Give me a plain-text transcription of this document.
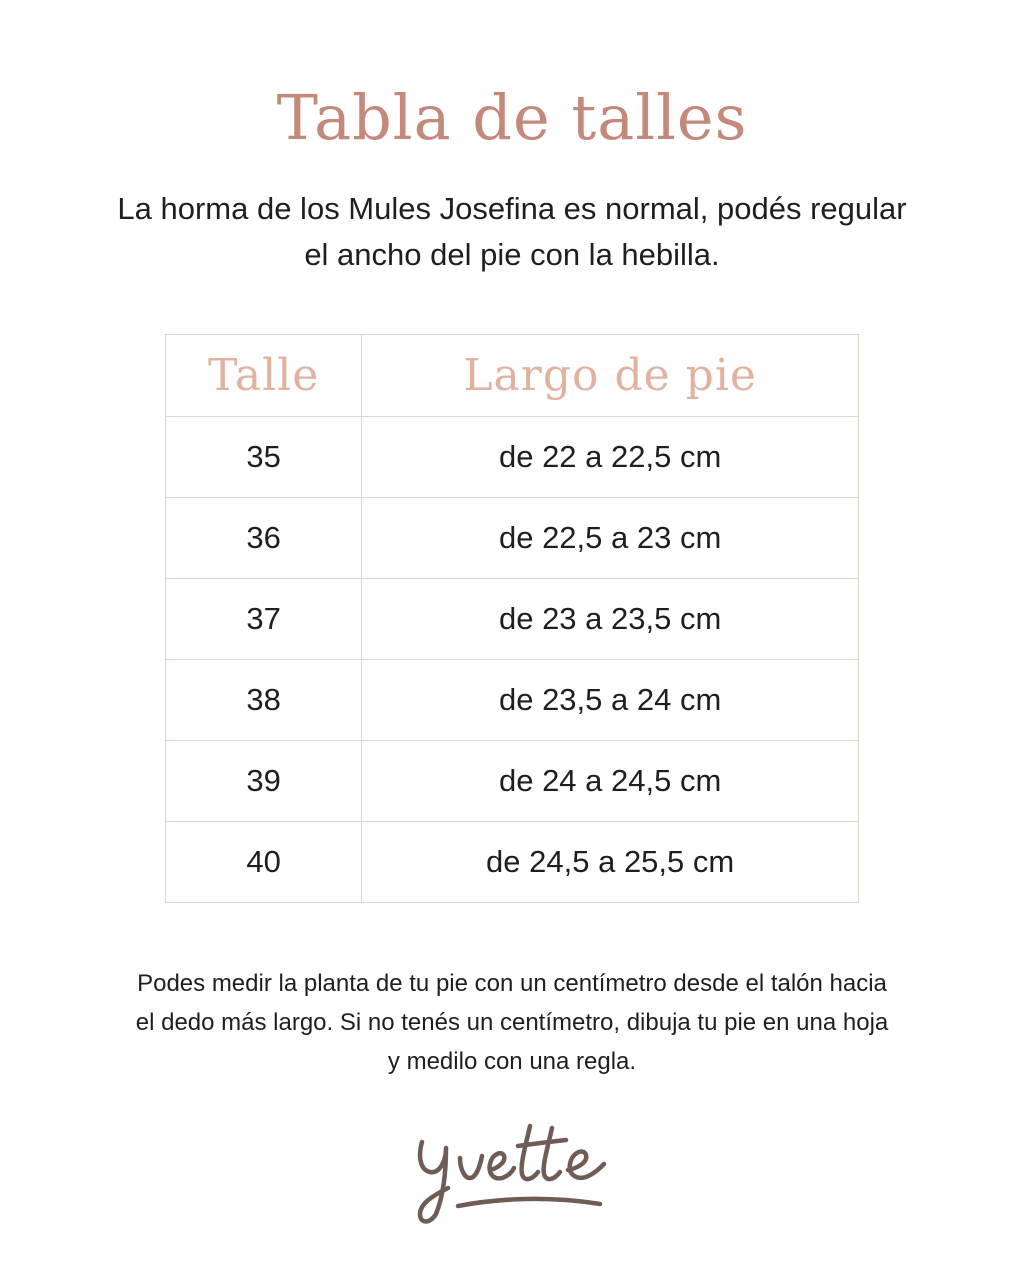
Tabla de talles
La horma de los Mules Josefina es normal, podés regular el ancho del pie con la hebilla.
Talle	Largo de pie
35	de 22 a 22,5 cm
36	de 22,5 a 23 cm
37	de 23 a 23,5 cm
38	de 23,5 a 24 cm
39	de 24 a 24,5 cm
40	de 24,5 a 25,5 cm
Podes medir la planta de tu pie con un centímetro desde el talón hacia el dedo más largo. Si no tenés un centímetro, dibuja tu pie en una hoja y medilo con una regla.
